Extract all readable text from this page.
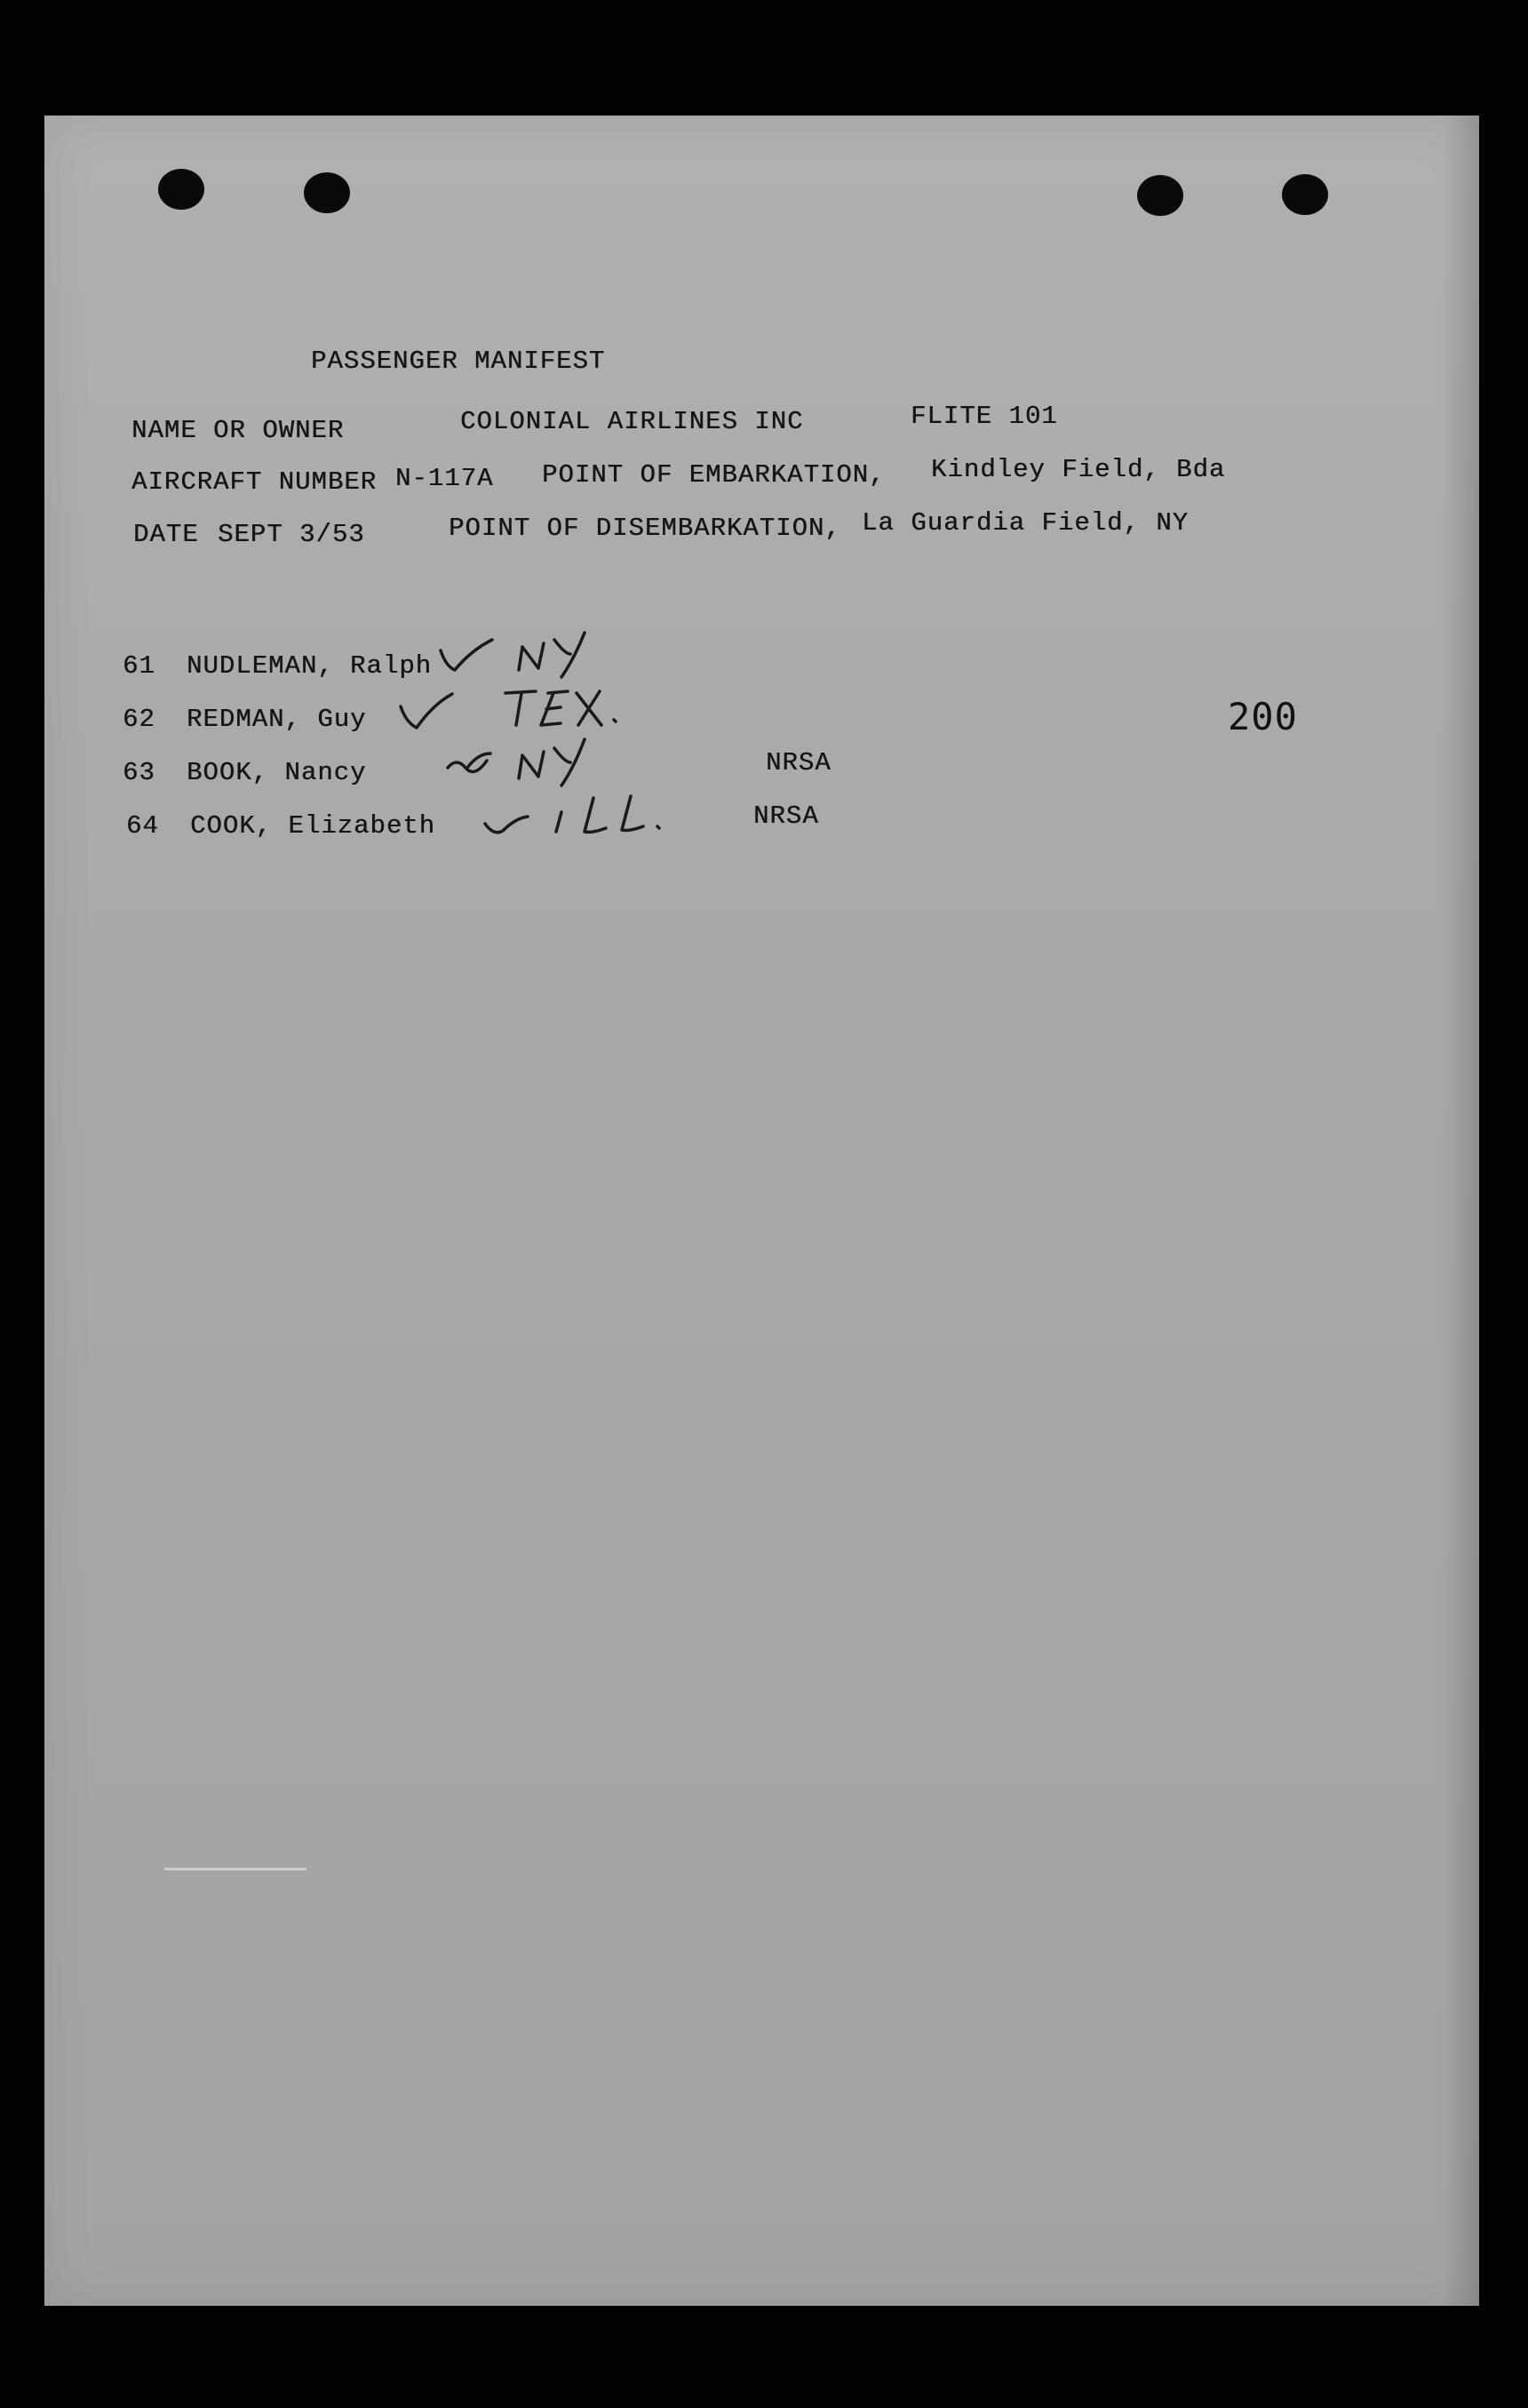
PASSENGER MANIFEST
NAME OR OWNER	COLONIAL AIRLINES INC	FLITE 101
AIRCRAFT NUMBER N-117A POINT OF EMBARKATION, Kindley Field, Bda
DATE SEPT 3/53	POINT OF DISEMBARKATION, La Guardia Field, NY
61 NUDLEMAN, Ralph
62 REDMAN, Guy
63 BOOK, Nancy	NRSA
64 COOK, Elizabeth	NRSA
200
